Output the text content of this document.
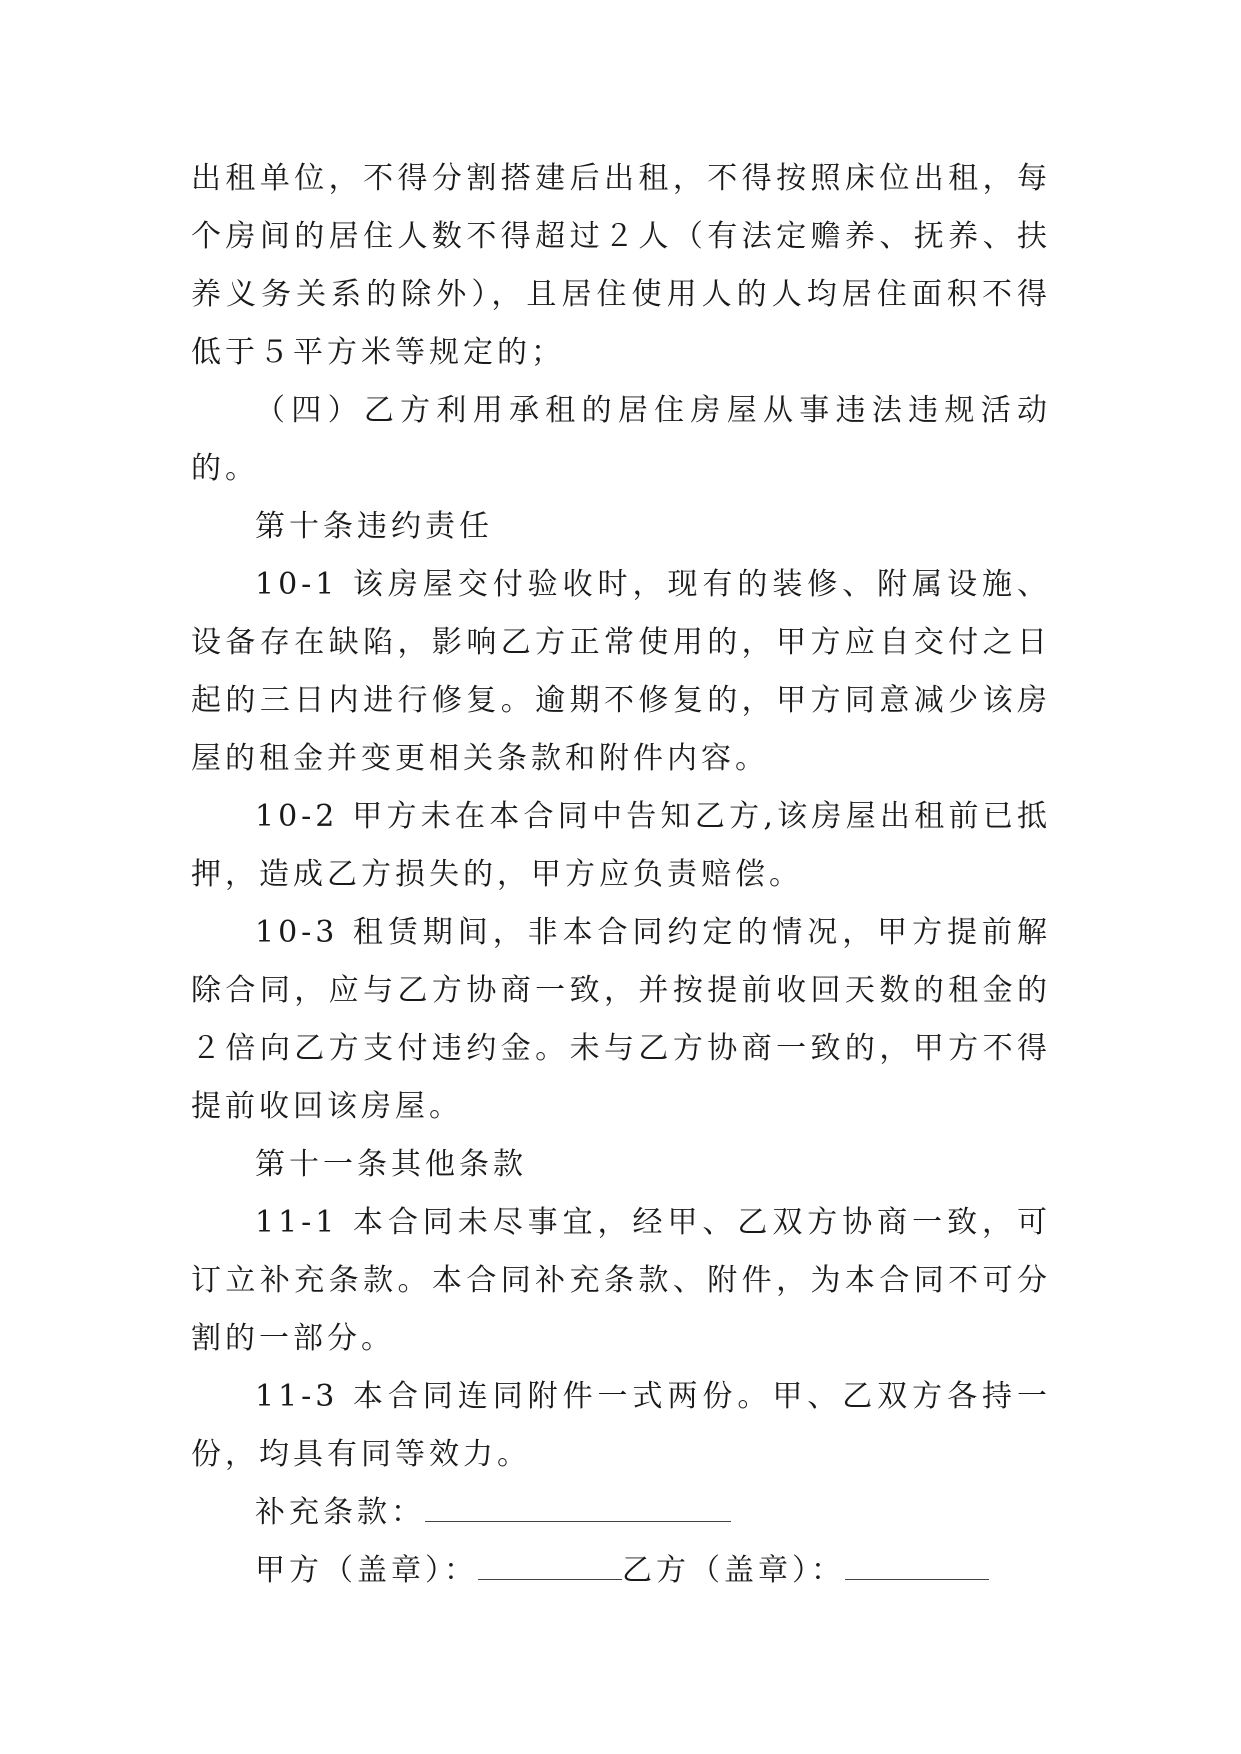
出租单位，不得分割搭建后出租，不得按照床位出租，每个房间的居住人数不得超过２人（有法定赡养、抚养、扶养义务关系的除外），且居住使用人的人均居住面积不得低于５平方米等规定的；

（四）乙方利用承租的居住房屋从事违法违规活动的。

第十条违约责任

10-1 该房屋交付验收时，现有的装修、附属设施、设备存在缺陷，影响乙方正常使用的，甲方应自交付之日起的三日内进行修复。逾期不修复的，甲方同意减少该房屋的租金并变更相关条款和附件内容。

10-2 甲方未在本合同中告知乙方,该房屋出租前已抵押，造成乙方损失的，甲方应负责赔偿。

10-3 租赁期间，非本合同约定的情况，甲方提前解除合同，应与乙方协商一致，并按提前收回天数的租金的２倍向乙方支付违约金。未与乙方协商一致的，甲方不得提前收回该房屋。

第十一条其他条款

11-1 本合同未尽事宜，经甲、乙双方协商一致，可订立补充条款。本合同补充条款、附件，为本合同不可分割的一部分。

11-3 本合同连同附件一式两份。甲、乙双方各持一份，均具有同等效力。

补充条款：

甲方（盖章）：	乙方（盖章）：
